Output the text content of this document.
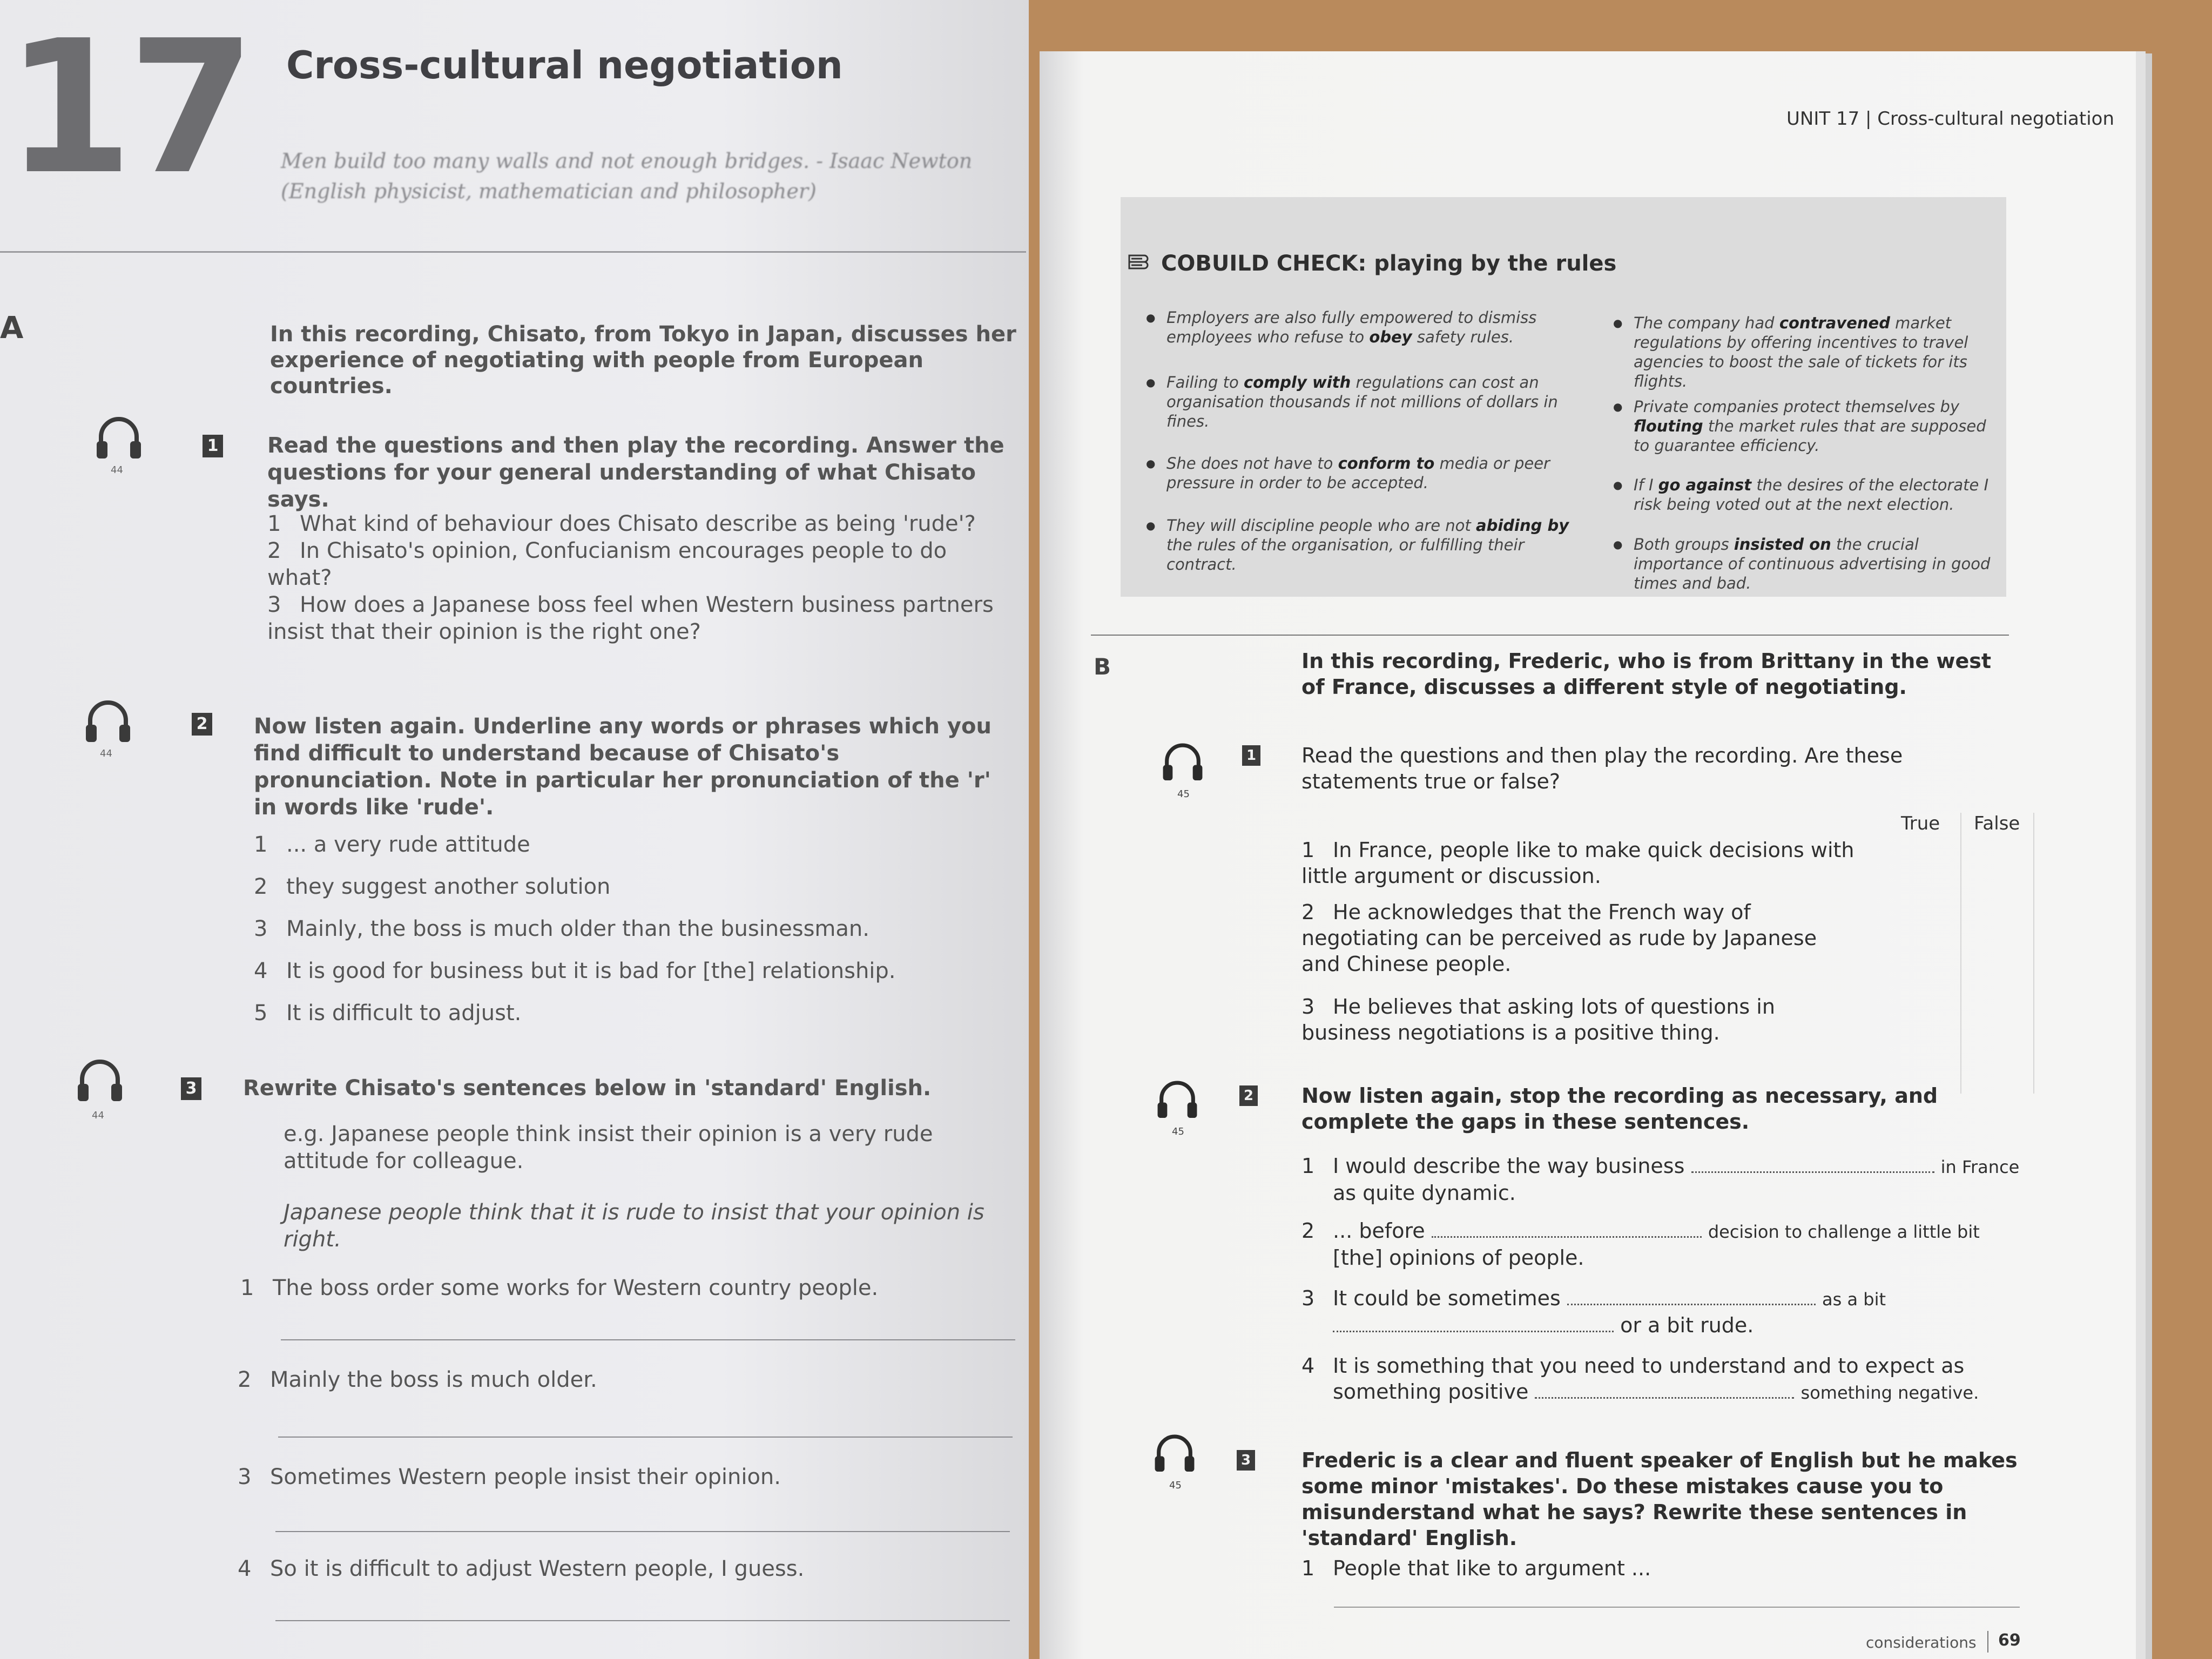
17 Cross-cultural negotiation
Men build too many walls and not enough bridges. - Isaac Newton
(English physicist, mathematician and philosopher)
A	In this recording, Chisato, from Tokyo in Japan, discusses her experience of negotiating with people from European countries.
44
1 Read the questions and then play the recording. Answer the questions for your general understanding of what Chisato says.
1 What kind of behaviour does Chisato describe as being 'rude'?
2 In Chisato's opinion, Confucianism encourages people to do what?
3 How does a Japanese boss feel when Western business partners insist that their opinion is the right one?
44
2 Now listen again. Underline any words or phrases which you find difficult to understand because of Chisato's pronunciation. Note in particular her pronunciation of the 'r' in words like 'rude'.
1 ... a very rude attitude
2 they suggest another solution
3 Mainly, the boss is much older than the businessman.
4 It is good for business but it is bad for [the] relationship.
5 It is difficult to adjust.
44
3 Rewrite Chisato's sentences below in 'standard' English.
e.g. Japanese people think insist their opinion is a very rude attitude for colleague.
Japanese people think that it is rude to insist that your opinion is right.
1 The boss order some works for Western country people.
2 Mainly the boss is much older.
3 Sometimes Western people insist their opinion.
4 So it is difficult to adjust Western people, I guess.
UNIT 17 | Cross-cultural negotiation
COBUILD CHECK: playing by the rules
● Employers are also fully empowered to dismiss employees who refuse to obey safety rules.
● Failing to comply with regulations can cost an organisation thousands if not millions of dollars in fines.
● She does not have to conform to media or peer pressure in order to be accepted.
● They will discipline people who are not abiding by the rules of the organisation, or fulfilling their contract.
● The company had contravened market regulations by offering incentives to travel agencies to boost the sale of tickets for its flights.
● Private companies protect themselves by flouting the market rules that are supposed to guarantee efficiency.
● If I go against the desires of the electorate I risk being voted out at the next election.
● Both groups insisted on the crucial importance of continuous advertising in good times and bad.
B	In this recording, Frederic, who is from Brittany in the west of France, discusses a different style of negotiating.
45
1 Read the questions and then play the recording. Are these statements true or false?
True False
1 In France, people like to make quick decisions with little argument or discussion.
2 He acknowledges that the French way of negotiating can be perceived as rude by Japanese and Chinese people.
3 He believes that asking lots of questions in business negotiations is a positive thing.
45
2 Now listen again, stop the recording as necessary, and complete the gaps in these sentences.
1 I would describe the way business	in France
as quite dynamic.
2 ... before	decision to challenge a little bit
[the] opinions of people.
3 It could be sometimes	as a bit
or a bit rude.
4 It is something that you need to understand and to expect as
something positive	something negative.
45
3 Frederic is a clear and fluent speaker of English but he makes some minor 'mistakes'. Do these mistakes cause you to misunderstand what he says? Rewrite these sentences in 'standard' English.
1 People that like to argument ...
considerations 69
